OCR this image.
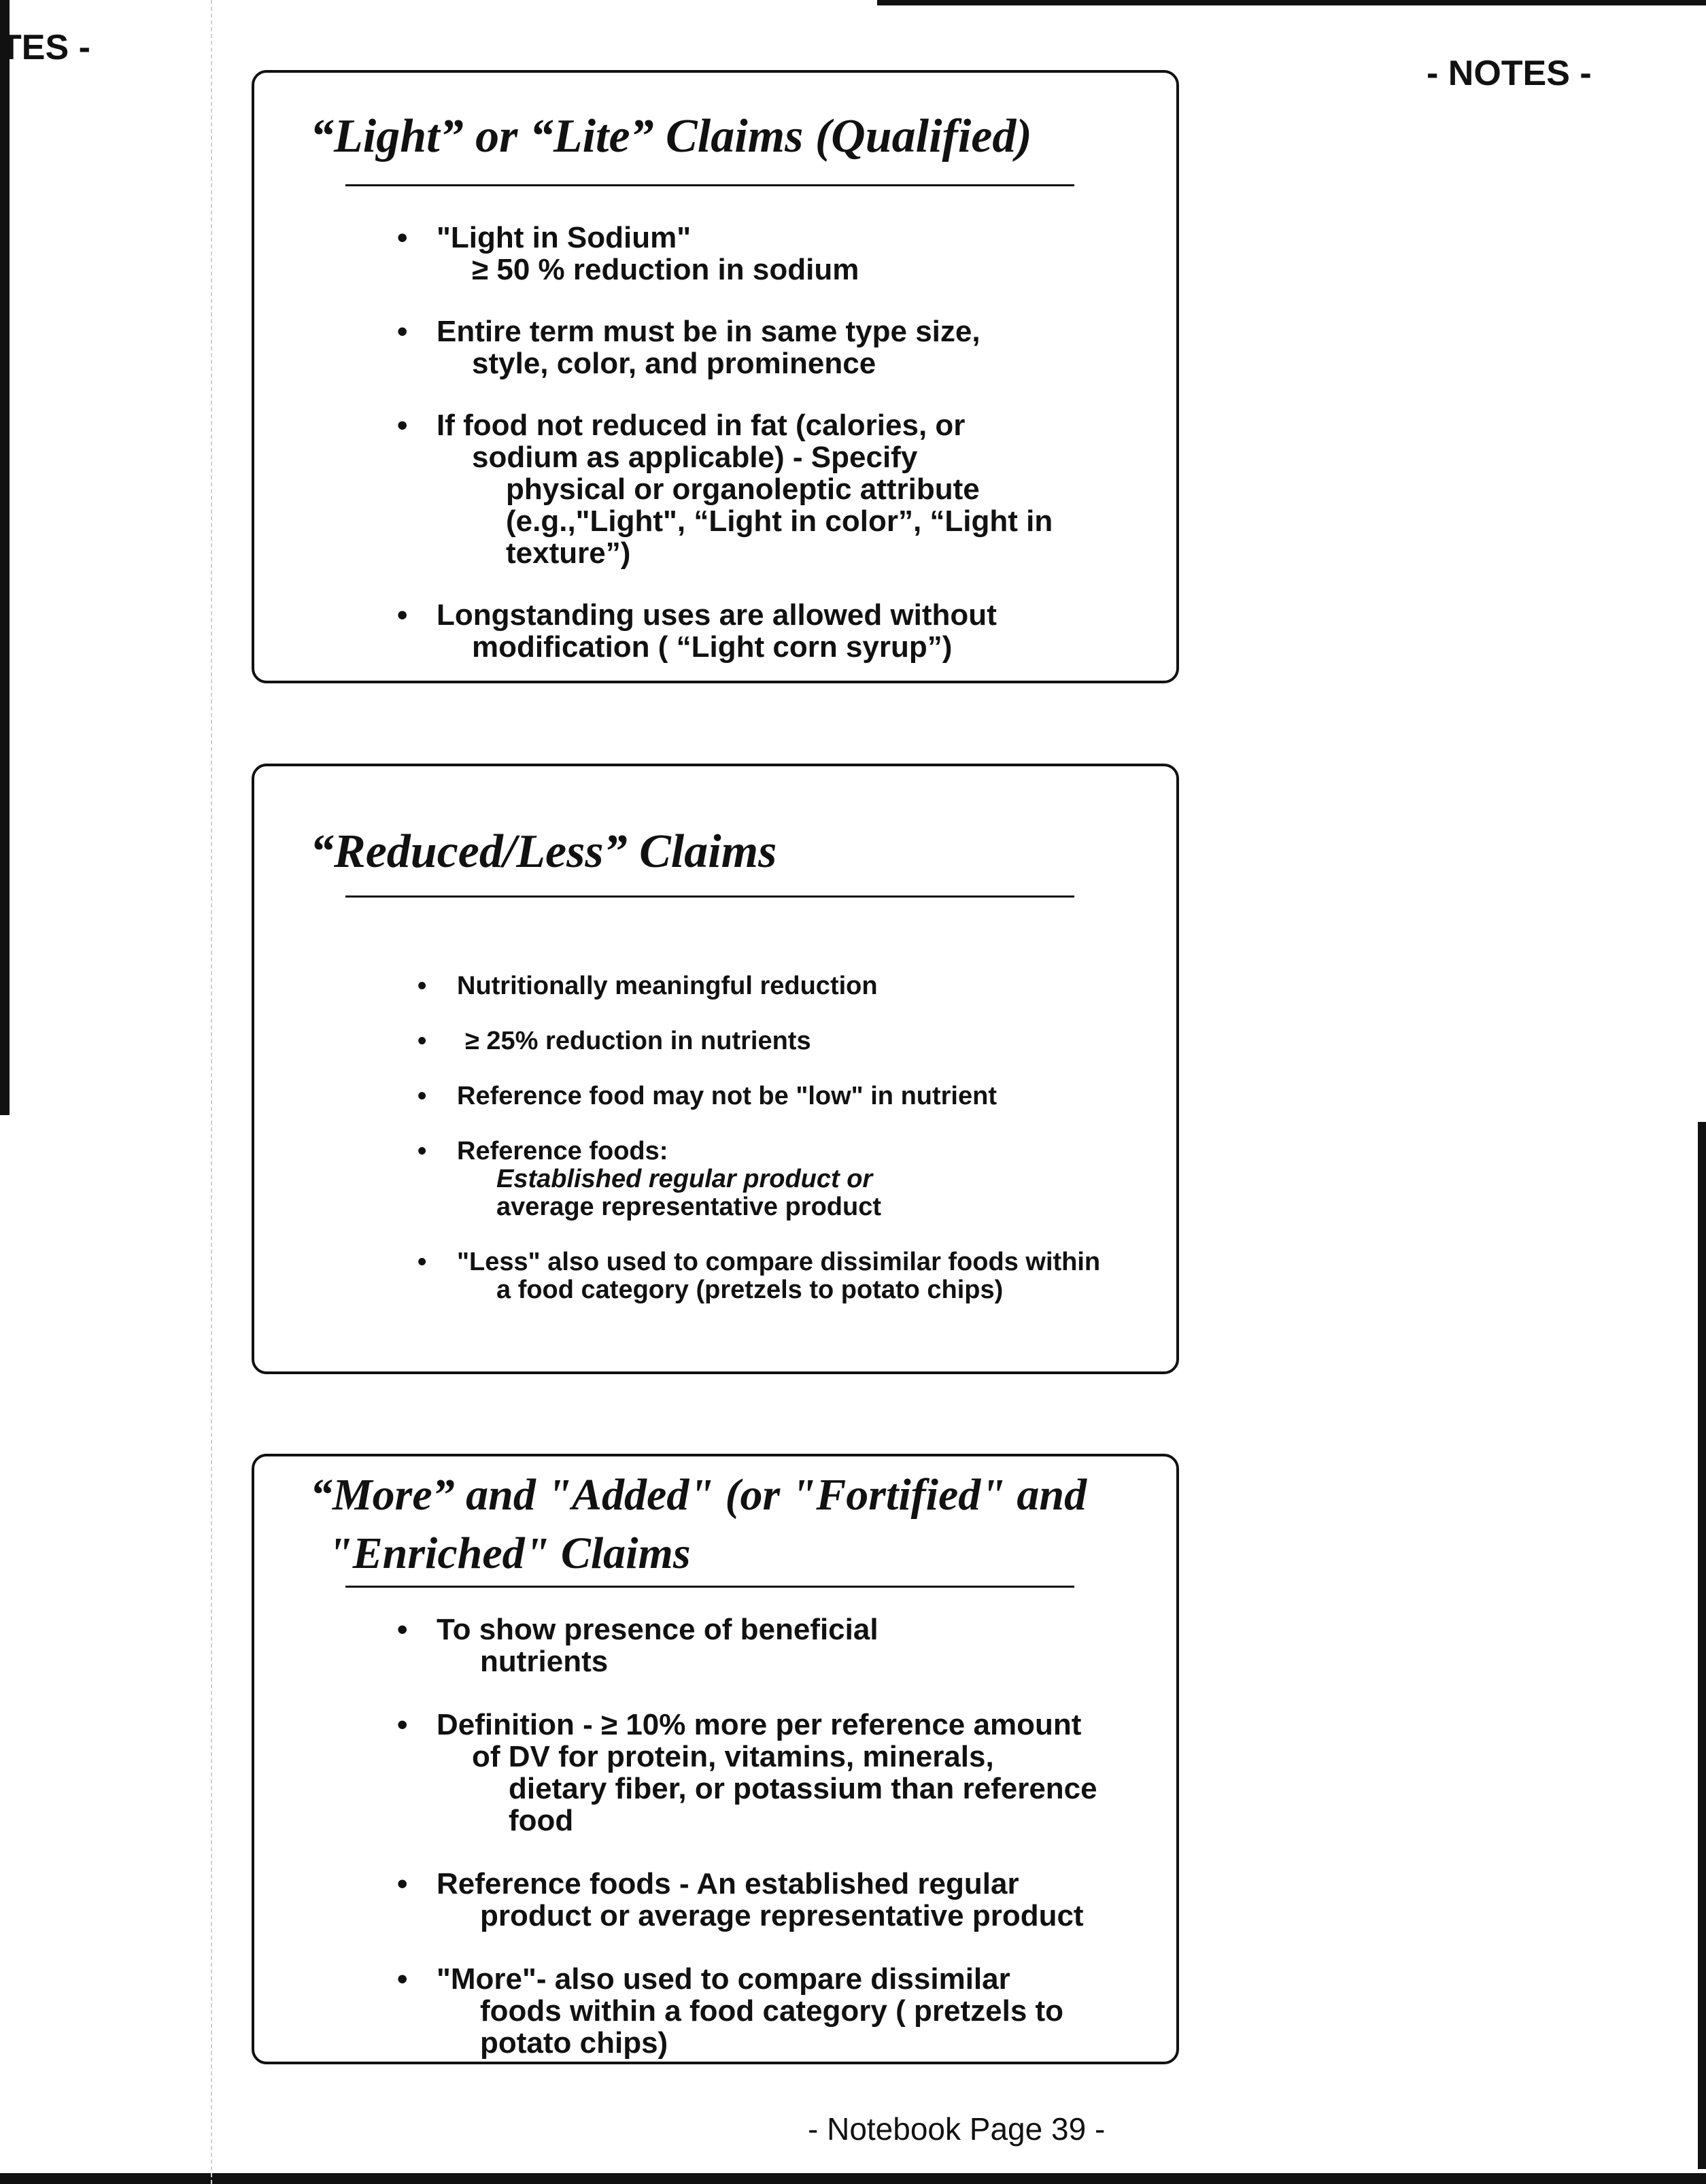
TES -
- NOTES -
“Light” or “Lite” Claims (Qualified)
• "Light in Sodium"
≥ 50 % reduction in sodium
• Entire term must be in same type size,
style, color, and prominence
• If food not reduced in fat (calories, or
sodium as applicable) - Specify
physical or organoleptic attribute
(e.g.,"Light", “Light in color”, “Light in
texture”)
• Longstanding uses are allowed without
modification ( “Light corn syrup”)
“Reduced/Less” Claims
• Nutritionally meaningful reduction
• ≥ 25% reduction in nutrients
• Reference food may not be "low" in nutrient
• Reference foods:
Established regular product or
average representative product
• "Less" also used to compare dissimilar foods within
a food category (pretzels to potato chips)
“More” and "Added" (or "Fortified" and
"Enriched" Claims
• To show presence of beneficial
nutrients
• Definition - ≥ 10% more per reference amount
of DV for protein, vitamins, minerals,
dietary fiber, or potassium than reference
food
• Reference foods - An established regular
product or average representative product
• "More"- also used to compare dissimilar
foods within a food category ( pretzels to
potato chips)
- Notebook Page 39 -
